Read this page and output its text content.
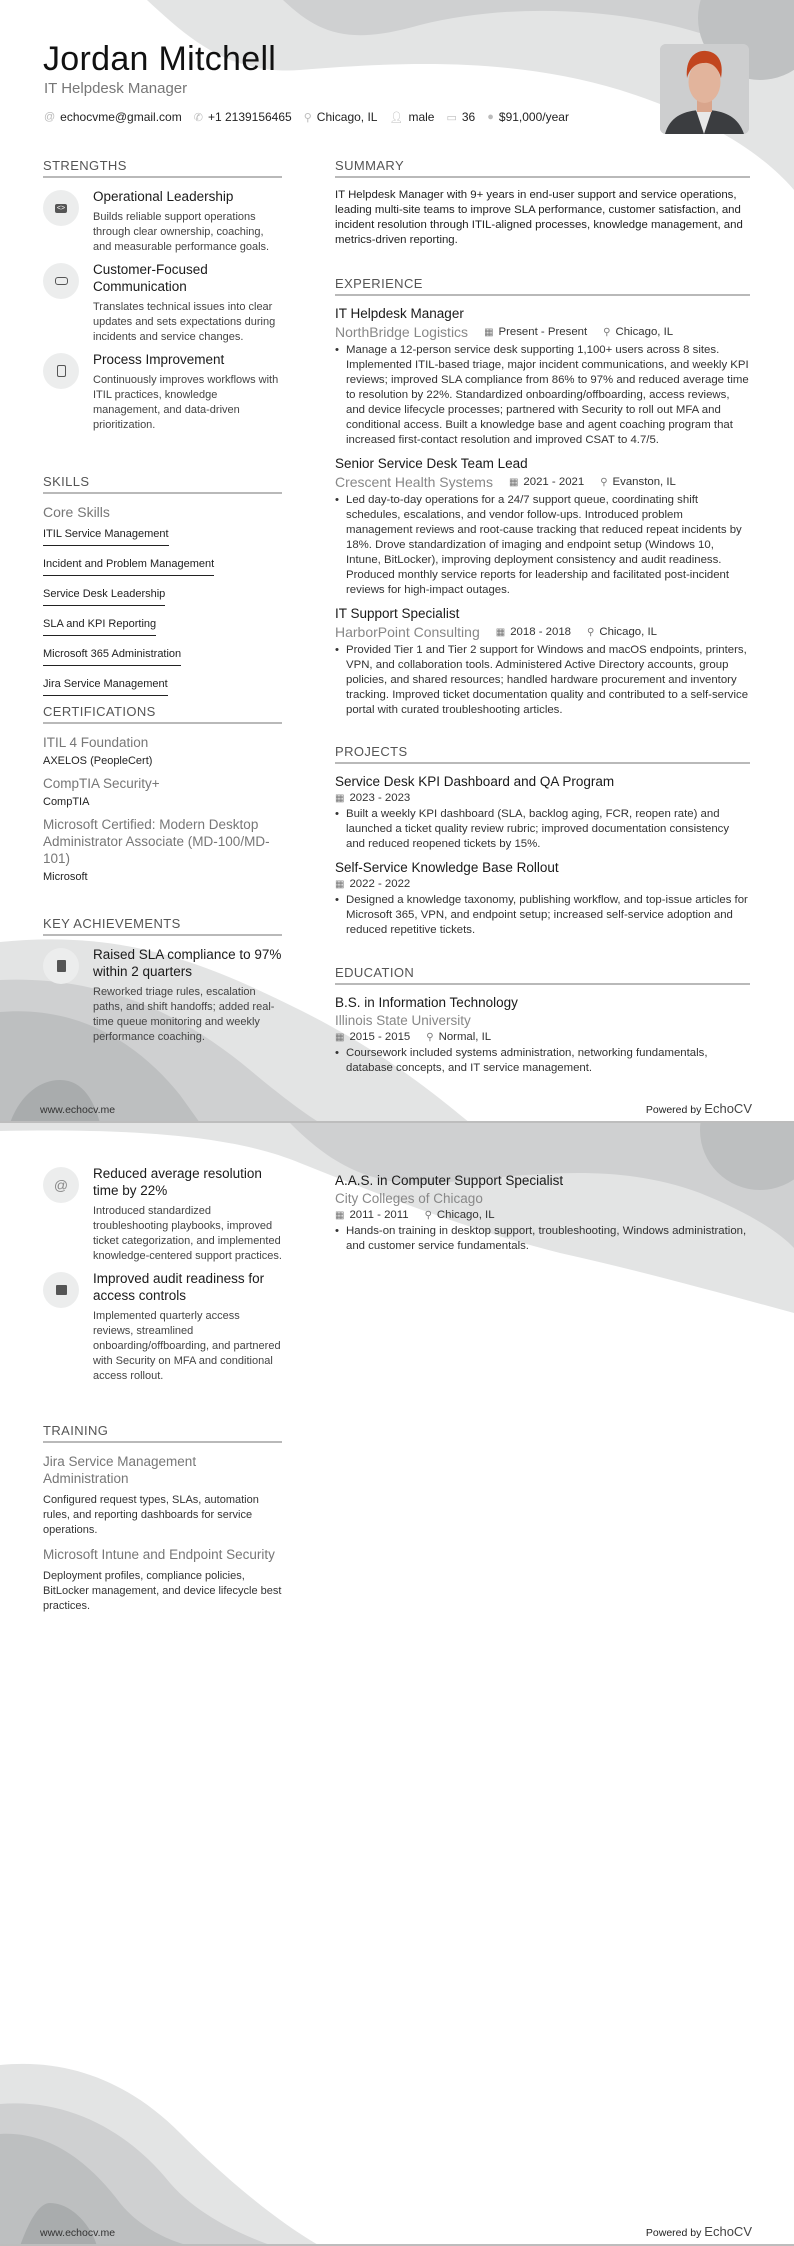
Jordan Mitchell
IT Helpdesk Manager
@ echocvme@gmail.com ✆ +1 2139156465 ⚲ Chicago, IL 👤︎ male ▭ 36 ● $91,000/year
STRENGTHS
<>
Operational Leadership
Builds reliable support operations through clear ownership, coaching, and measurable performance goals.
Customer-Focused Communication
Translates technical issues into clear updates and sets expectations during incidents and service changes.
Process Improvement
Continuously improves workflows with ITIL practices, knowledge management, and data-driven prioritization.
SKILLS
Core Skills
ITIL Service Management
Incident and Problem Management
Service Desk Leadership
SLA and KPI Reporting
Microsoft 365 Administration
Jira Service Management
CERTIFICATIONS
ITIL 4 Foundation
AXELOS (PeopleCert)
CompTIA Security+
CompTIA
Microsoft Certified: Modern Desktop Administrator Associate (MD-100/MD-101)
Microsoft
KEY ACHIEVEMENTS
Raised SLA compliance to 97% within 2 quarters
Reworked triage rules, escalation paths, and shift handoffs; added real-time queue monitoring and weekly performance coaching.
SUMMARY
IT Helpdesk Manager with 9+ years in end-user support and service operations, leading multi-site teams to improve SLA performance, customer satisfaction, and incident resolution through ITIL-aligned processes, knowledge management, and metrics-driven reporting.
EXPERIENCE
IT Helpdesk Manager
NorthBridge Logistics ▦ Present - Present ⚲ Chicago, IL
• Manage a 12-person service desk supporting 1,100+ users across 8 sites. Implemented ITIL-based triage, major incident communications, and weekly KPI reviews; improved SLA compliance from 86% to 97% and reduced average time to resolution by 22%. Standardized onboarding/offboarding, access reviews, and device lifecycle processes; partnered with Security to roll out MFA and conditional access. Built a knowledge base and agent coaching program that increased first-contact resolution and improved CSAT to 4.7/5.
Senior Service Desk Team Lead
Crescent Health Systems ▦ 2021 - 2021 ⚲ Evanston, IL
• Led day-to-day operations for a 24/7 support queue, coordinating shift schedules, escalations, and vendor follow-ups. Introduced problem management reviews and root-cause tracking that reduced repeat incidents by 18%. Drove standardization of imaging and endpoint setup (Windows 10, Intune, BitLocker), improving deployment consistency and audit readiness. Produced monthly service reports for leadership and facilitated post-incident reviews for high-impact outages.
IT Support Specialist
HarborPoint Consulting ▦ 2018 - 2018 ⚲ Chicago, IL
• Provided Tier 1 and Tier 2 support for Windows and macOS endpoints, printers, VPN, and collaboration tools. Administered Active Directory accounts, group policies, and shared resources; handled hardware procurement and inventory tracking. Improved ticket documentation quality and contributed to a self-service portal with curated troubleshooting articles.
PROJECTS
Service Desk KPI Dashboard and QA Program
▦ 2023 - 2023
• Built a weekly KPI dashboard (SLA, backlog aging, FCR, reopen rate) and launched a ticket quality review rubric; improved documentation consistency and reduced reopened tickets by 15%.
Self-Service Knowledge Base Rollout
▦ 2022 - 2022
• Designed a knowledge taxonomy, publishing workflow, and top-issue articles for Microsoft 365, VPN, and endpoint setup; increased self-service adoption and reduced repetitive tickets.
EDUCATION
B.S. in Information Technology
Illinois State University
▦ 2015 - 2015 ⚲ Normal, IL
• Coursework included systems administration, networking fundamentals, database concepts, and IT service management.
www.echocv.me	Powered by EchoCV
@
Reduced average resolution time by 22%
Introduced standardized troubleshooting playbooks, improved ticket categorization, and implemented knowledge-centered support practices.
Improved audit readiness for access controls
Implemented quarterly access reviews, streamlined onboarding/offboarding, and partnered with Security on MFA and conditional access rollout.
TRAINING
Jira Service Management Administration
Configured request types, SLAs, automation rules, and reporting dashboards for service operations.
Microsoft Intune and Endpoint Security
Deployment profiles, compliance policies, BitLocker management, and device lifecycle best practices.
A.A.S. in Computer Support Specialist
City Colleges of Chicago
▦ 2011 - 2011 ⚲ Chicago, IL
• Hands-on training in desktop support, troubleshooting, Windows administration, and customer service fundamentals.
www.echocv.me	Powered by EchoCV
